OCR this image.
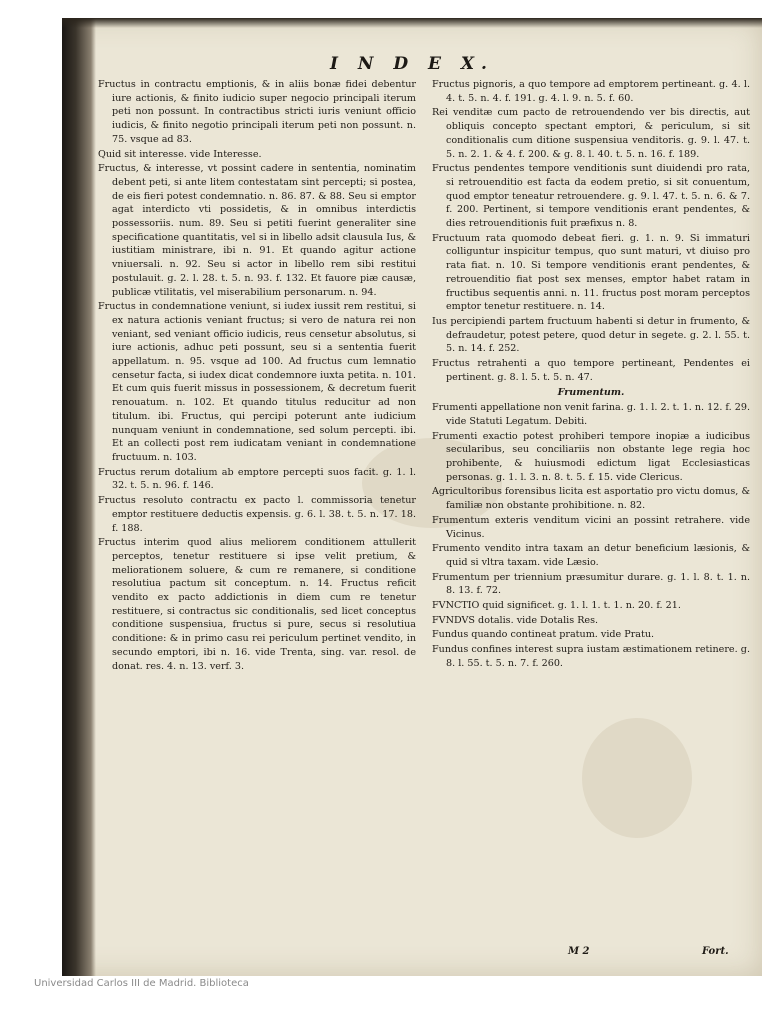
I N D E X.

Fructus in contractu emptionis, & in aliis bonæ fidei debentur iure actionis, & finito iudicio super negocio principali iterum peti non possunt. In contractibus stricti iuris veniunt officio iudicis, & finito negotio principali iterum peti non possunt. n. 75. vsque ad 83.

Quid sit interesse. vide Interesse.

Fructus, & interesse, vt possint cadere in sententia, nominatim debent peti, si ante litem contestatam sint percepti; si postea, de eis fieri potest condemnatio. n. 86. 87. & 88. Seu si emptor agat interdicto vti possidetis, & in omnibus interdictis possessoriis. num. 89. Seu si petiti fuerint generaliter sine specificatione quantitatis, vel si in libello adsit clausula Ius, & iustitiam ministrare, ibi n. 91. Et quando agitur actione vniuersali. n. 92. Seu si actor in libello rem sibi restitui postulauit. g. 2. l. 28. t. 5. n. 93. f. 132. Et fauore piæ causæ, publicæ vtilitatis, vel miserabilium personarum. n. 94.

Fructus in condemnatione veniunt, si iudex iussit rem restitui, si ex natura actionis veniant fructus; si vero de natura rei non veniant, sed veniant officio iudicis, reus censetur absolutus, si iure actionis, adhuc peti possunt, seu si a sententia fuerit appellatum. n. 95. vsque ad 100. Ad fructus cum lemnatio censetur facta, si iudex dicat condemnore iuxta petita. n. 101. Et cum quis fuerit missus in possessionem, & decretum fuerit renouatum. n. 102. Et quando titulus reducitur ad non titulum. ibi. Fructus, qui percipi poterunt ante iudicium nunquam veniunt in condemnatione, sed solum percepti. ibi. Et an collecti post rem iudicatam veniant in condemnatione fructuum. n. 103.

Fructus rerum dotalium ab emptore percepti suos facit. g. 1. l. 32. t. 5. n. 96. f. 146.

Fructus resoluto contractu ex pacto l. commissoria tenetur emptor restituere deductis expensis. g. 6. l. 38. t. 5. n. 17. 18. f. 188.

Fructus interim quod alius meliorem conditionem attullerit perceptos, tenetur restituere si ipse velit pretium, & meliorationem soluere, & cum re remanere, si conditione resolutiua pactum sit conceptum. n. 14. Fructus reficit vendito ex pacto addictionis in diem cum re tenetur restituere, si contractus sic conditionalis, sed licet conceptus conditione suspensiua, fructus si pure, secus si resolutiua conditione: & in primo casu rei periculum pertinet vendito, in secundo emptori, ibi n. 16. vide Trenta, sing. var. resol. de donat. res. 4. n. 13. verf. 3.

Fructus pignoris, a quo tempore ad emptorem pertineant. g. 4. l. 4. t. 5. n. 4. f. 191. g. 4. l. 9. n. 5. f. 60.

Rei venditæ cum pacto de retrouendendo ver bis directis, aut obliquis concepto spectant emptori, & periculum, si sit conditionalis cum ditione suspensiua venditoris. g. 9. l. 47. t. 5. n. 2. 1. & 4. f. 200. & g. 8. l. 40. t. 5. n. 16. f. 189.

Fructus pendentes tempore venditionis sunt diuidendi pro rata, si retrouenditio est facta da eodem pretio, si sit conuentum, quod emptor teneatur retrouendere. g. 9. l. 47. t. 5. n. 6. & 7. f. 200. Pertinent, si tempore venditionis erant pendentes, & dies retrouenditionis fuit præfixus n. 8.

Fructuum rata quomodo debeat fieri. g. 1. n. 9. Si immaturi colliguntur inspicitur tempus, quo sunt maturi, vt diuiso pro rata fiat. n. 10. Si tempore venditionis erant pendentes, & retrouenditio fiat post sex menses, emptor habet ratam in fructibus sequentis anni. n. 11. fructus post moram perceptos emptor tenetur restituere. n. 14.

Ius percipiendi partem fructuum habenti si detur in frumento, & defraudetur, potest petere, quod detur in segete. g. 2. l. 55. t. 5. n. 14. f. 252.

Fructus retrahenti a quo tempore pertineant, Pendentes ei pertinent. g. 8. l. 5. t. 5. n. 47.

Frumentum.

Frumenti appellatione non venit farina. g. 1. l. 2. t. 1. n. 12. f. 29. vide Statuti Legatum. Debiti.

Frumenti exactio potest prohiberi tempore inopiæ a iudicibus secularibus, seu conciliariis non obstante lege regia hoc prohibente, & huiusmodi edictum ligat Ecclesiasticas personas. g. 1. l. 3. n. 8. t. 5. f. 15. vide Clericus.

Agricultoribus forensibus licita est asportatio pro victu domus, & familiæ non obstante prohibitione. n. 82.

Frumentum exteris venditum vicini an possint retrahere. vide Vicinus.

Frumento vendito intra taxam an detur beneficium læsionis, & quid si vltra taxam. vide Læsio.

Frumentum per triennium præsumitur durare. g. 1. l. 8. t. 1. n. 8. 13. f. 72.

FVNCTIO quid significet. g. 1. l. 1. t. 1. n. 20. f. 21.

FVNDVS dotalis. vide Dotalis Res.

Fundus quando contineat pratum. vide Pratu.

Fundus confines interest supra iustam æstimationem retinere. g. 8. l. 55. t. 5. n. 7. f. 260.

M 2	Fort.
Universidad Carlos III de Madrid. Biblioteca
